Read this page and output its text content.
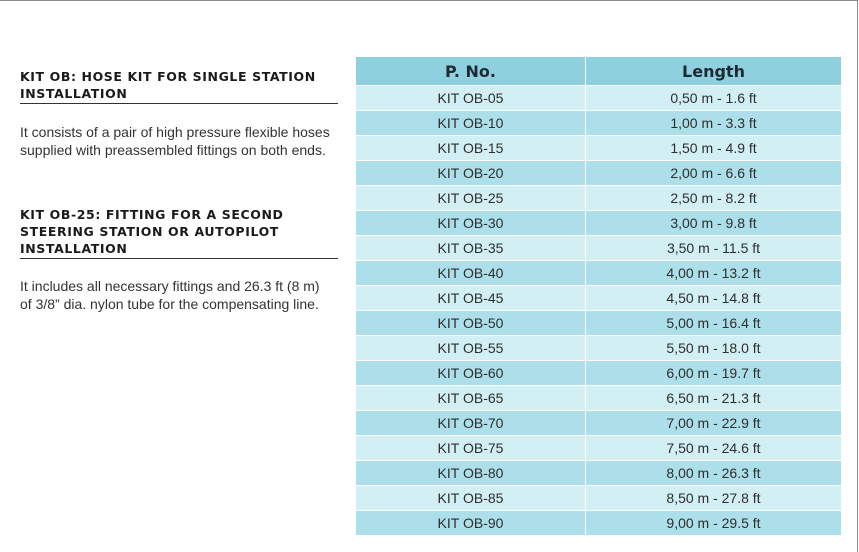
KIT OB: HOSE KIT FOR SINGLE STATION INSTALLATION
It consists of a pair of high pressure flexible hoses supplied with preassembled fittings on both ends.
KIT OB-25: FITTING FOR A SECOND STEERING STATION OR AUTOPILOT INSTALLATION
It includes all necessary fittings and 26.3 ft (8 m) of 3/8” dia. nylon tube for the compensating line.
P. No.	Length
KIT OB-05	0,50 m - 1.6 ft
KIT OB-10	1,00 m - 3.3 ft
KIT OB-15	1,50 m - 4.9 ft
KIT OB-20	2,00 m - 6.6 ft
KIT OB-25	2,50 m - 8.2 ft
KIT OB-30	3,00 m - 9.8 ft
KIT OB-35	3,50 m - 11.5 ft
KIT OB-40	4,00 m - 13.2 ft
KIT OB-45	4,50 m - 14.8 ft
KIT OB-50	5,00 m - 16.4 ft
KIT OB-55	5,50 m - 18.0 ft
KIT OB-60	6,00 m - 19.7 ft
KIT OB-65	6,50 m - 21.3 ft
KIT OB-70	7,00 m - 22.9 ft
KIT OB-75	7,50 m - 24.6 ft
KIT OB-80	8,00 m - 26.3 ft
KIT OB-85	8,50 m - 27.8 ft
KIT OB-90	9,00 m - 29.5 ft
